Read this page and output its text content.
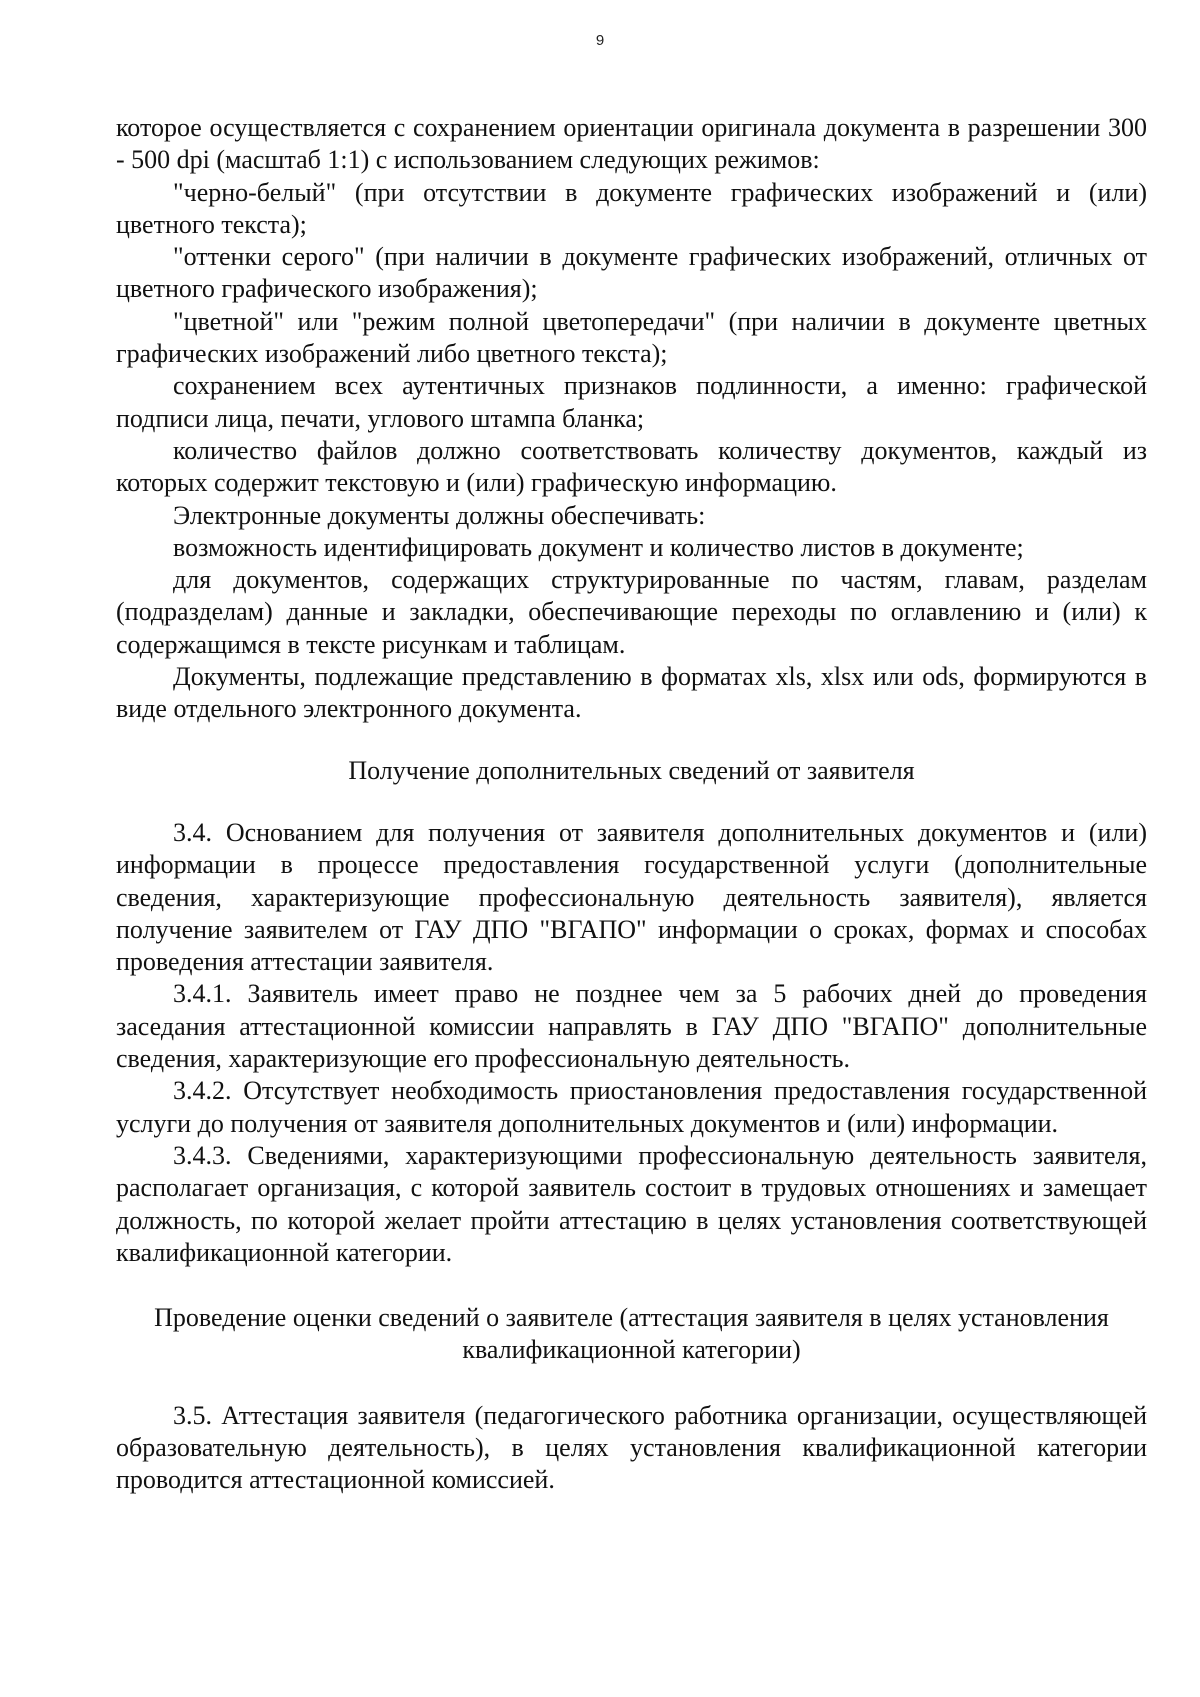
9

которое осуществляется с сохранением ориентации оригинала документа в разрешении 300 - 500 dpi (масштаб 1:1) с использованием следующих режимов:

"черно-белый" (при отсутствии в документе графических изображений и (или) цветного текста);

"оттенки серого" (при наличии в документе графических изображений, отличных от цветного графического изображения);

"цветной" или "режим полной цветопередачи" (при наличии в документе цветных графических изображений либо цветного текста);

сохранением всех аутентичных признаков подлинности, а именно: графической подписи лица, печати, углового штампа бланка;

количество файлов должно соответствовать количеству документов, каждый из которых содержит текстовую и (или) графическую информацию.

Электронные документы должны обеспечивать:

возможность идентифицировать документ и количество листов в документе;

для документов, содержащих структурированные по частям, главам, разделам (подразделам) данные и закладки, обеспечивающие переходы по оглавлению и (или) к содержащимся в тексте рисункам и таблицам.

Документы, подлежащие представлению в форматах xls, xlsx или ods, формируются в виде отдельного электронного документа.

Получение дополнительных сведений от заявителя

3.4. Основанием для получения от заявителя дополнительных документов и (или) информации в процессе предоставления государственной услуги (дополнительные сведения, характеризующие профессиональную деятельность заявителя), является получение заявителем от ГАУ ДПО "ВГАПО" информации о сроках, формах и способах проведения аттестации заявителя.

3.4.1. Заявитель имеет право не позднее чем за 5 рабочих дней до проведения заседания аттестационной комиссии направлять в ГАУ ДПО "ВГАПО" дополнительные сведения, характеризующие его профессиональную деятельность.

3.4.2. Отсутствует необходимость приостановления предоставления государственной услуги до получения от заявителя дополнительных документов и (или) информации.

3.4.3. Сведениями, характеризующими профессиональную деятельность заявителя, располагает организация, с которой заявитель состоит в трудовых отношениях и замещает должность, по которой желает пройти аттестацию в целях установления соответствующей квалификационной категории.

Проведение оценки сведений о заявителе (аттестация заявителя в целях установления квалификационной категории)

3.5. Аттестация заявителя (педагогического работника организации, осуществляющей образовательную деятельность), в целях установления квалификационной категории проводится аттестационной комиссией.
